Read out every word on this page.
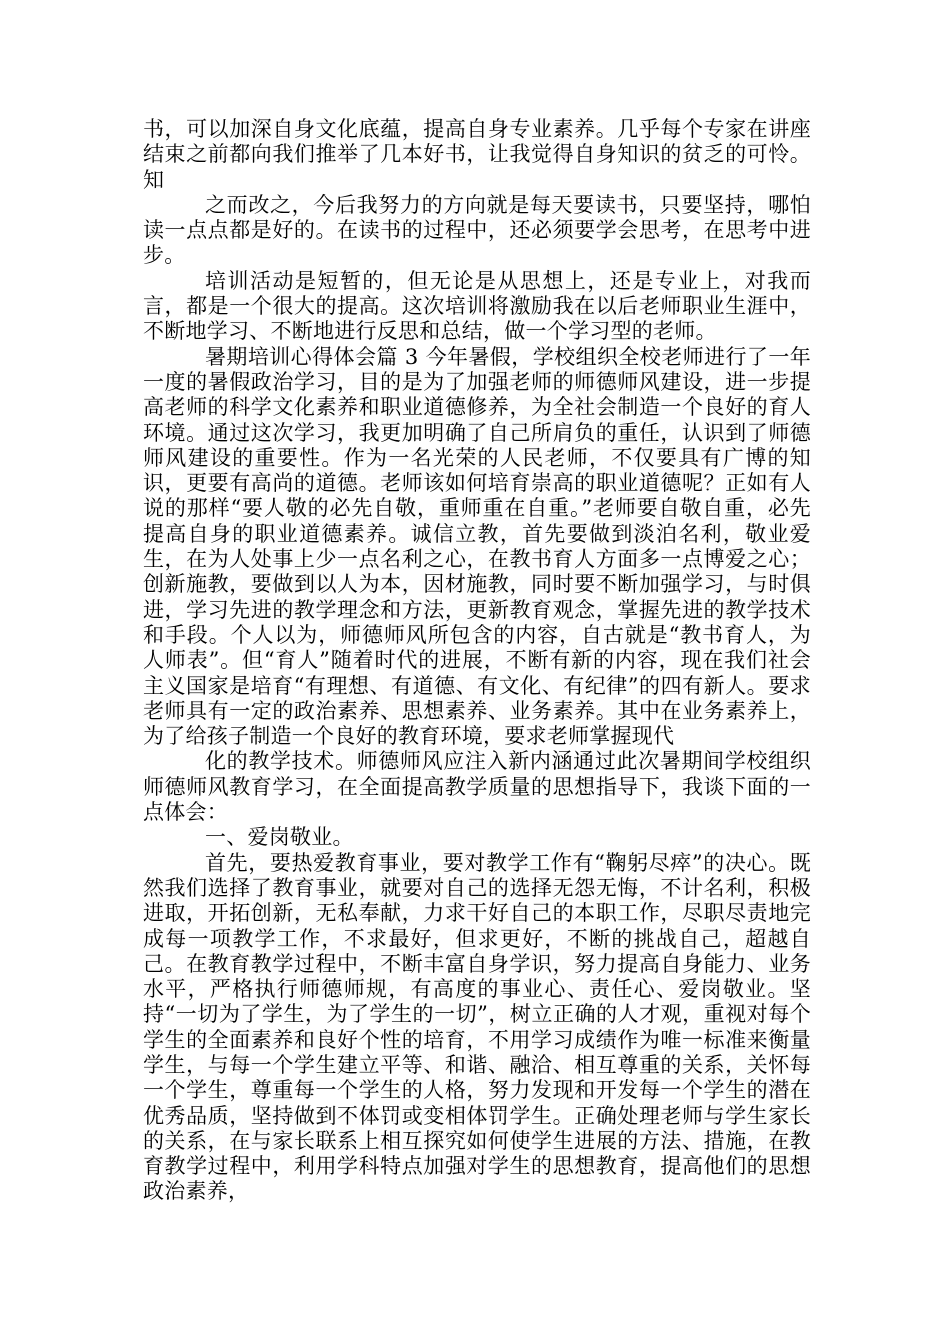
书，可以加深自身文化底蕴，提高自身专业素养。几乎每个专家在讲座结束之前都向我们推举了几本好书，让我觉得自身知识的贫乏的可怜。知

之而改之，今后我努力的方向就是每天要读书，只要坚持，哪怕读一点点都是好的。在读书的过程中，还必须要学会思考，在思考中进步。

培训活动是短暂的，但无论是从思想上，还是专业上，对我而言，都是一个很大的提高。这次培训将激励我在以后老师职业生涯中，不断地学习、不断地进行反思和总结，做一个学习型的老师。

暑期培训心得体会篇 3 今年暑假，学校组织全校老师进行了一年一度的暑假政治学习，目的是为了加强老师的师德师风建设，进一步提高老师的科学文化素养和职业道德修养，为全社会制造一个良好的育人环境。通过这次学习，我更加明确了自己所肩负的重任，认识到了师德师风建设的重要性。作为一名光荣的人民老师，不仅要具有广博的知识，更要有高尚的道德。老师该如何培育崇高的职业道德呢？正如有人说的那样“要人敬的必先自敬，重师重在自重。”老师要自敬自重，必先提高自身的职业道德素养。诚信立教，首先要做到淡泊名利，敬业爱生，在为人处事上少一点名利之心，在教书育人方面多一点博爱之心；创新施教，要做到以人为本，因材施教，同时要不断加强学习，与时俱进，学习先进的教学理念和方法，更新教育观念，掌握先进的教学技术和手段。个人以为，师德师风所包含的内容，自古就是“教书育人，为人师表”。但“育人”随着时代的进展，不断有新的内容，现在我们社会主义国家是培育“有理想、有道德、有文化、有纪律”的四有新人。要求老师具有一定的政治素养、思想素养、业务素养。其中在业务素养上，为了给孩子制造一个良好的教育环境，要求老师掌握现代

化的教学技术。师德师风应注入新内涵通过此次暑期间学校组织师德师风教育学习，在全面提高教学质量的思想指导下，我谈下面的一点体会：

一、爱岗敬业。

首先，要热爱教育事业，要对教学工作有“鞠躬尽瘁”的决心。既然我们选择了教育事业，就要对自己的选择无怨无悔，不计名利，积极进取，开拓创新，无私奉献，力求干好自己的本职工作，尽职尽责地完成每一项教学工作，不求最好，但求更好，不断的挑战自己，超越自己。在教育教学过程中，不断丰富自身学识，努力提高自身能力、业务水平，严格执行师德师规，有高度的事业心、责任心、爱岗敬业。坚持“一切为了学生，为了学生的一切”，树立正确的人才观，重视对每个学生的全面素养和良好个性的培育，不用学习成绩作为唯一标准来衡量学生，与每一个学生建立平等、和谐、融洽、相互尊重的关系，关怀每一个学生，尊重每一个学生的人格，努力发现和开发每一个学生的潜在优秀品质，坚持做到不体罚或变相体罚学生。正确处理老师与学生家长的关系，在与家长联系上相互探究如何使学生进展的方法、措施，在教育教学过程中，利用学科特点加强对学生的思想教育，提高他们的思想政治素养，
